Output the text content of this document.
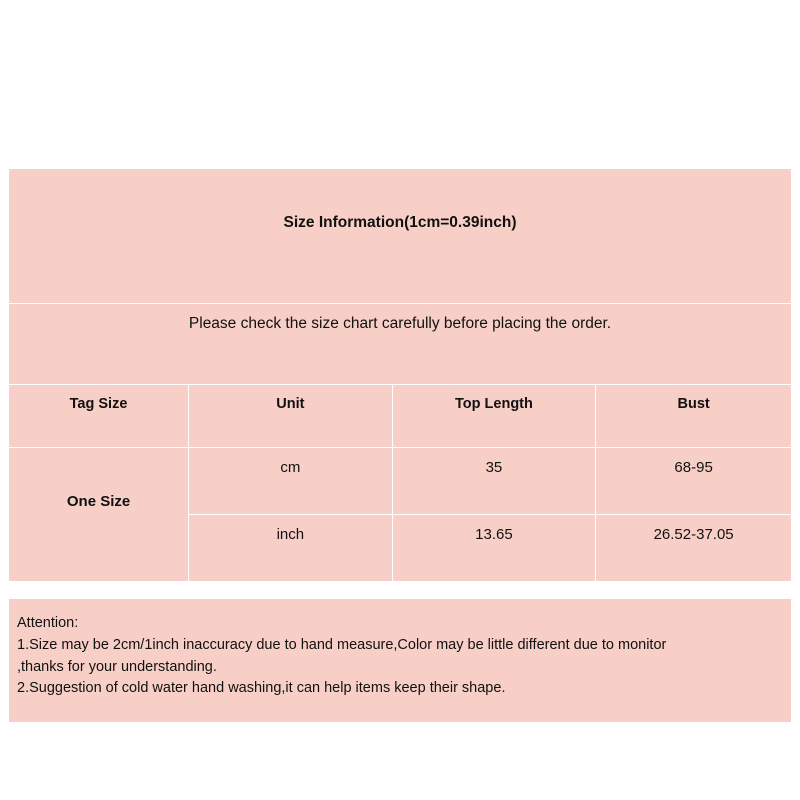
Size Information(1cm=0.39inch)			

Please check the size chart carefully before placing the order.			

Tag Size	Unit	Top Length	Bust

One Size	cm	35	68-95

	inch	13.65	26.52-37.05

Attention:

1.Size may be 2cm/1inch inaccuracy due to hand measure,Color may be little different due to monitor

,thanks for your understanding.

2.Suggestion of cold water hand washing,it can help items keep their shape.
